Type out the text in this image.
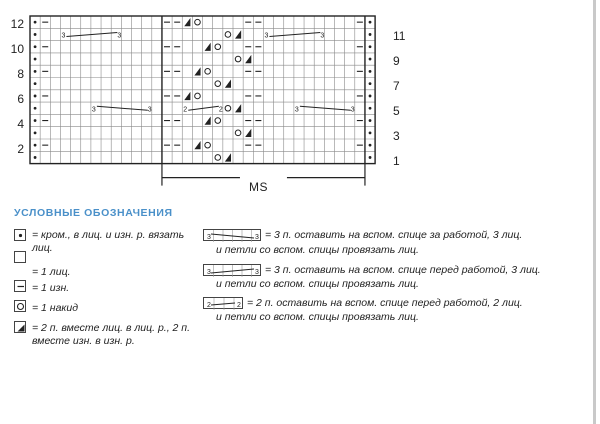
12
10
8
6
4
2
11
9
7
5
3
1
3	3	3	3
3	3	3	3
2	2
MS
УСЛОВНЫЕ ОБОЗНАЧЕНИЯ
= кром., в лиц. и изн. р. вязать лиц.
= 1 лиц.
= 1 изн.
= 1 накид
= 2 п. вместе лиц. в лиц. р., 2 п. вместе изн. в изн. р.
3	3 = 3 п. оставить на вспом. спице за работой, 3 лиц.
и петли со вспом. спицы провязать лиц.
3	3 = 3 п. оставить на вспом. спице перед работой, 3 лиц.
и петли со вспом. спицы провязать лиц.
2	2 = 2 п. оставить на вспом. спице перед работой, 2 лиц.
и петли со вспом. спицы провязать лиц.
